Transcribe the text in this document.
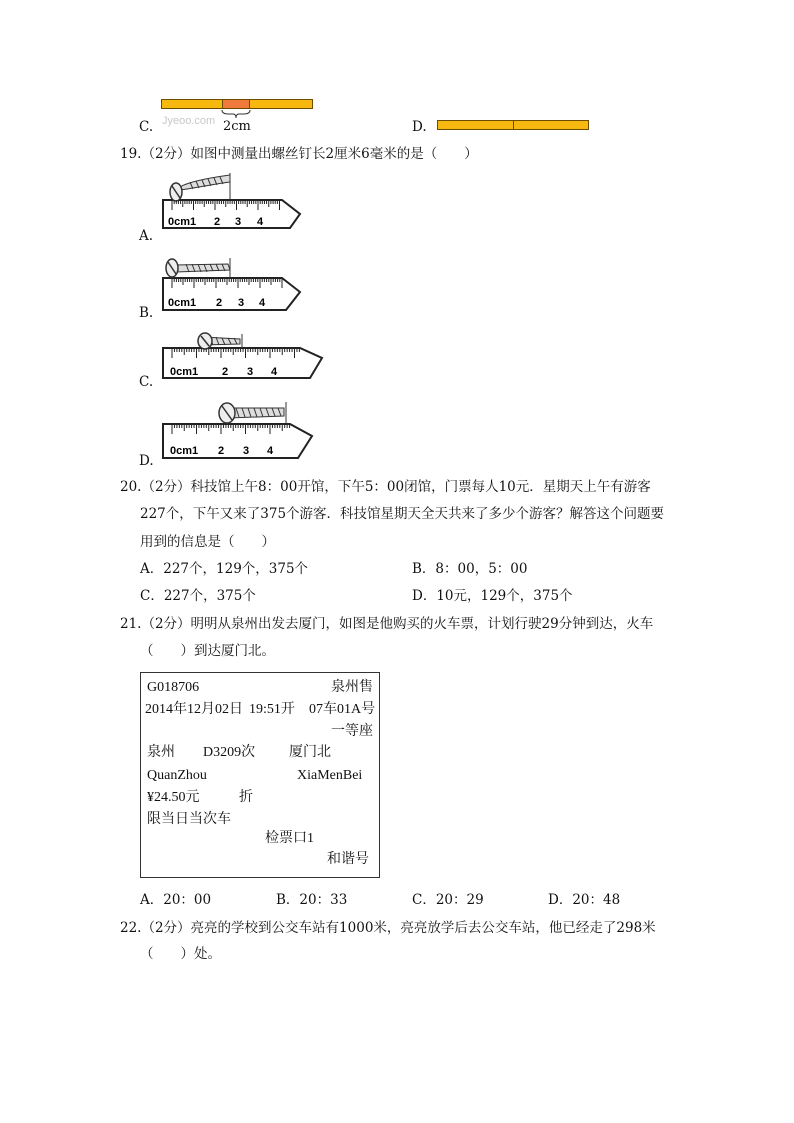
Jyeoo.com
C.	2cm	D.
19.（2分）如图中测量出螺丝钉长2厘米6毫米的是（　　）
0cm1 2 3 4
A.
0cm1 2 3 4
B.
0cm1 2 3 4
C.
0cm1 2 3 4
D.
20.（2分）科技馆上午8：00开馆，下午5：00闭馆，门票每人10元．星期天上午有游客
227个，下午又来了375个游客．科技馆星期天全天共来了多少个游客？解答这个问题要
用到的信息是（　　）
A．227个，129个，375个	B．8：00，5：00
C．227个，375个	D．10元，129个，375个
21.（2分）明明从泉州出发去厦门，如图是他购买的火车票，计划行驶29分钟到达，火车
（　　）到达厦门北。
G018706	泉州售
2014年12月02日 19:51开 07车01A号
一等座
泉州 D3209次 厦门北
QuanZhou	XiaMenBei
¥24.50元	折
限当日当次车
检票口1
和谐号
A．20：00	B．20：33	C．20：29	D．20：48
22.（2分）亮亮的学校到公交车站有1000米，亮亮放学后去公交车站，他已经走了298米
（　　）处。
